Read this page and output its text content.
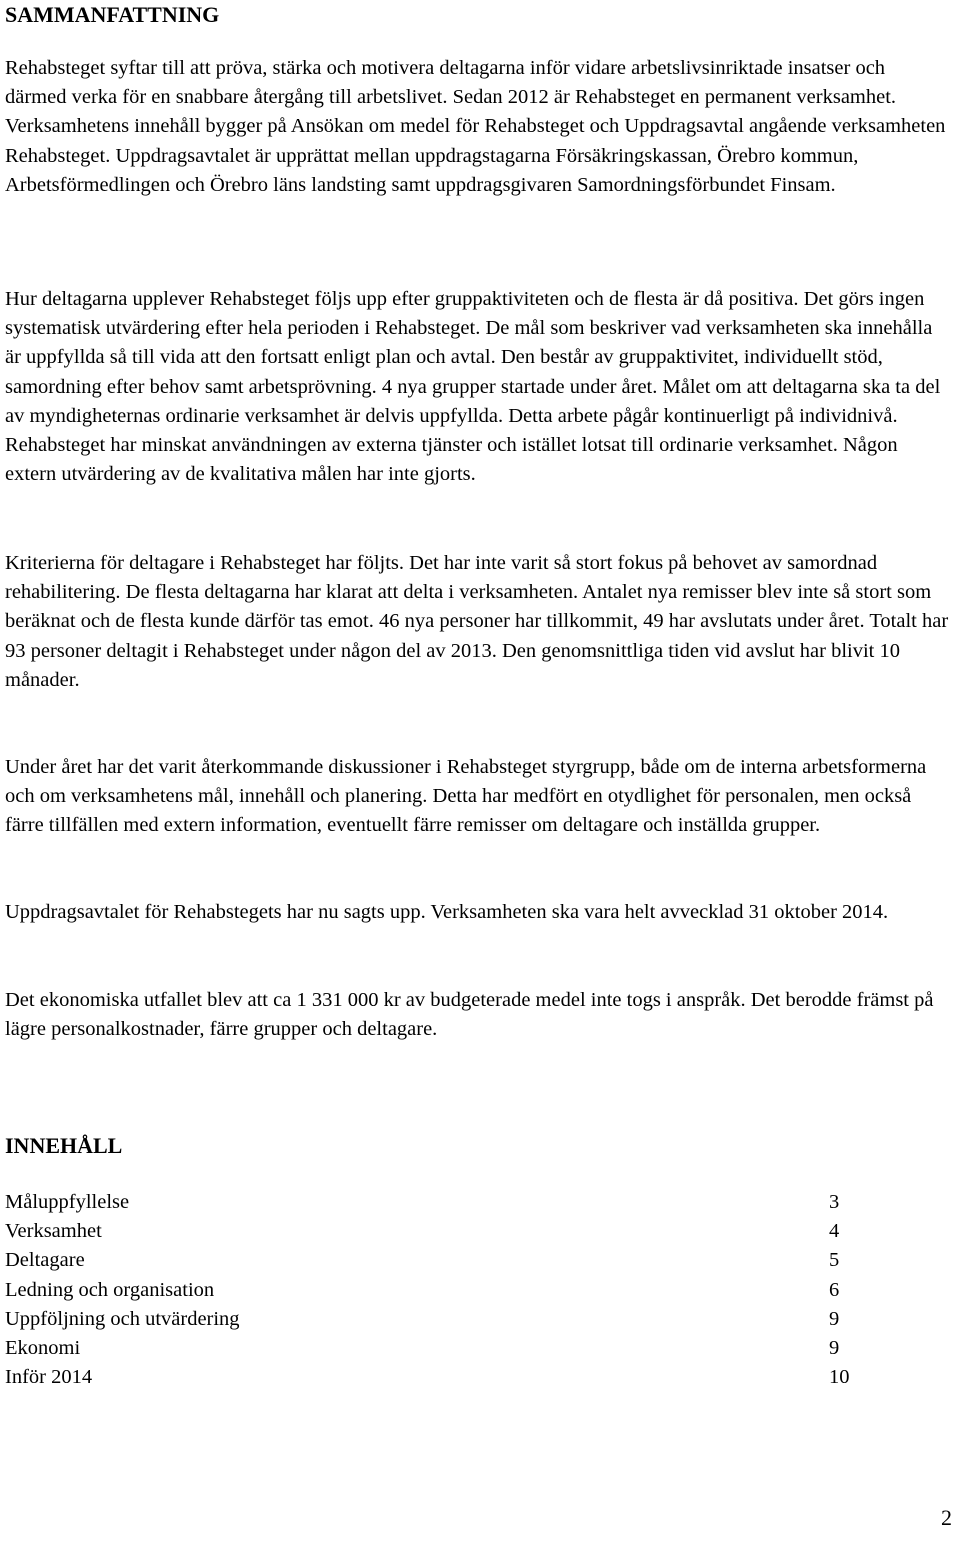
SAMMANFATTNING

Rehabsteget syftar till att pröva, stärka och motivera deltagarna inför vidare arbetslivsinriktade insatser och därmed verka för en snabbare återgång till arbetslivet. Sedan 2012 är Rehabsteget en permanent verksamhet. Verksamhetens innehåll bygger på Ansökan om medel för Rehabsteget och Uppdragsavtal angående verksamheten Rehabsteget. Uppdragsavtalet är upprättat mellan uppdragstagarna Försäkringskassan, Örebro kommun, Arbetsförmedlingen och Örebro läns landsting samt uppdragsgivaren Samordningsförbundet Finsam.

Hur deltagarna upplever Rehabsteget följs upp efter gruppaktiviteten och de flesta är då positiva. Det görs ingen systematisk utvärdering efter hela perioden i Rehabsteget. De mål som beskriver vad verksamheten ska innehålla är uppfyllda så till vida att den fortsatt enligt plan och avtal. Den består av gruppaktivitet, individuellt stöd, samordning efter behov samt arbetsprövning. 4 nya grupper startade under året. Målet om att deltagarna ska ta del av myndigheternas ordinarie verksamhet är delvis uppfyllda. Detta arbete pågår kontinuerligt på individnivå. Rehabsteget har minskat användningen av externa tjänster och istället lotsat till ordinarie verksamhet. Någon extern utvärdering av de kvalitativa målen har inte gjorts.

Kriterierna för deltagare i Rehabsteget har följts. Det har inte varit så stort fokus på behovet av samordnad rehabilitering. De flesta deltagarna har klarat att delta i verksamheten. Antalet nya remisser blev inte så stort som beräknat och de flesta kunde därför tas emot. 46 nya personer har tillkommit, 49 har avslutats under året. Totalt har 93 personer deltagit i Rehabsteget under någon del av 2013. Den genomsnittliga tiden vid avslut har blivit 10 månader.

Under året har det varit återkommande diskussioner i Rehabsteget styrgrupp, både om de interna arbetsformerna och om verksamhetens mål, innehåll och planering. Detta har medfört en otydlighet för personalen, men också färre tillfällen med extern information, eventuellt färre remisser om deltagare och inställda grupper.

Uppdragsavtalet för Rehabstegets har nu sagts upp. Verksamheten ska vara helt avvecklad 31 oktober 2014.

Det ekonomiska utfallet blev att ca 1 331 000 kr av budgeterade medel inte togs i anspråk. Det berodde främst på lägre personalkostnader, färre grupper och deltagare.

INNEHÅLL
Måluppfyllelse	3
Verksamhet	4
Deltagare	5
Ledning och organisation	6
Uppföljning och utvärdering	9
Ekonomi	9
Inför 2014	10
2
